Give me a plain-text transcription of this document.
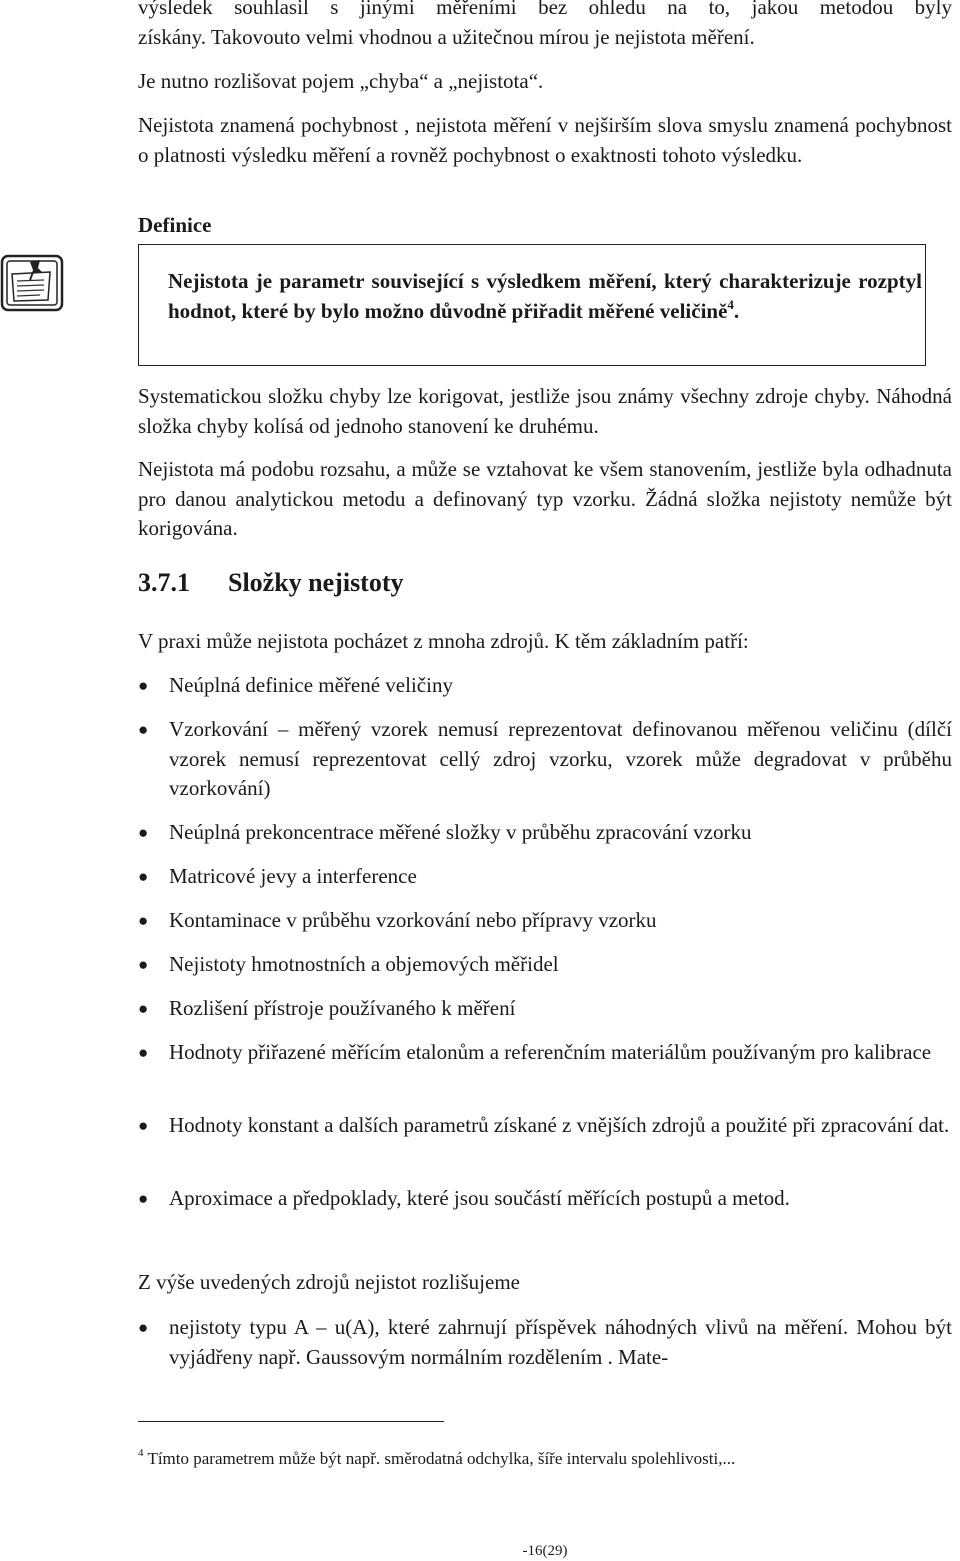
výsledek souhlasil s jinými měřeními bez ohledu na to, jakou metodou byly

získány. Takovouto velmi vhodnou a užitečnou mírou je nejistota měření.

Je nutno rozlišovat pojem „chyba“ a „nejistota“.

Nejistota znamená pochybnost , nejistota měření v nejširším slova smyslu znamená pochybnost o platnosti výsledku měření a rovněž pochybnost o exaktnosti tohoto výsledku.

Definice
Nejistota je parametr související s výsledkem měření, který charakterizuje rozptyl hodnot, které by bylo možno důvodně přiřadit měřené veličině$^4$.

Systematickou složku chyby lze korigovat, jestliže jsou známy všechny zdroje chyby. Náhodná složka chyby kolísá od jednoho stanovení ke druhému.

Nejistota má podobu rozsahu, a může se vztahovat ke všem stanovením, jestliže byla odhadnuta pro danou analytickou metodu a definovaný typ vzorku. Žádná složka nejistoty nemůže být korigována.

3.7.1 Složky nejistoty

V praxi může nejistota pocházet z mnoha zdrojů. K těm základním patří:

● Neúplná definice měřené veličiny
● Vzorkování – měřený vzorek nemusí reprezentovat definovanou měřenou veličinu (dílčí vzorek nemusí reprezentovat cellý zdroj vzorku, vzorek může degradovat v průběhu vzorkování)
● Neúplná prekoncentrace měřené složky v průběhu zpracování vzorku
● Matricové jevy a interference
● Kontaminace v průběhu vzorkování nebo přípravy vzorku
● Nejistoty hmotnostních a objemových měřidel
● Rozlišení přístroje používaného k měření
● Hodnoty přiřazené měřícím etalonům a referenčním materiálům používaným pro kalibrace
● Hodnoty konstant a dalších parametrů získané z vnějších zdrojů a použité při zpracování dat.
● Aproximace a předpoklady, které jsou součástí měřících postupů a metod.

Z výše uvedených zdrojů nejistot rozlišujeme

● nejistoty typu A – u(A), které zahrnují příspěvek náhodných vlivů na měření. Mohou být vyjádřeny např. Gaussovým normálním rozdělením . Mate-
$^4$ Tímto parametrem může být např. směrodatná odchylka, šíře intervalu spolehlivosti,...
-16(29)
